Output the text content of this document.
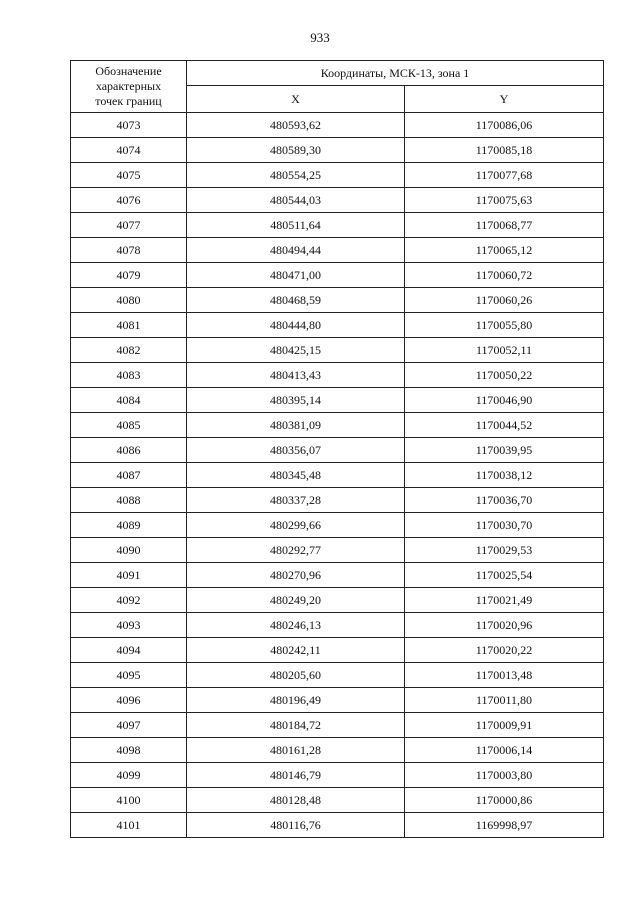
933
Обозначение
характерных
точек границ	Координаты, МСК-13, зона 1	
	X	Y
4073	480593,62	1170086,06
4074	480589,30	1170085,18
4075	480554,25	1170077,68
4076	480544,03	1170075,63
4077	480511,64	1170068,77
4078	480494,44	1170065,12
4079	480471,00	1170060,72
4080	480468,59	1170060,26
4081	480444,80	1170055,80
4082	480425,15	1170052,11
4083	480413,43	1170050,22
4084	480395,14	1170046,90
4085	480381,09	1170044,52
4086	480356,07	1170039,95
4087	480345,48	1170038,12
4088	480337,28	1170036,70
4089	480299,66	1170030,70
4090	480292,77	1170029,53
4091	480270,96	1170025,54
4092	480249,20	1170021,49
4093	480246,13	1170020,96
4094	480242,11	1170020,22
4095	480205,60	1170013,48
4096	480196,49	1170011,80
4097	480184,72	1170009,91
4098	480161,28	1170006,14
4099	480146,79	1170003,80
4100	480128,48	1170000,86
4101	480116,76	1169998,97
